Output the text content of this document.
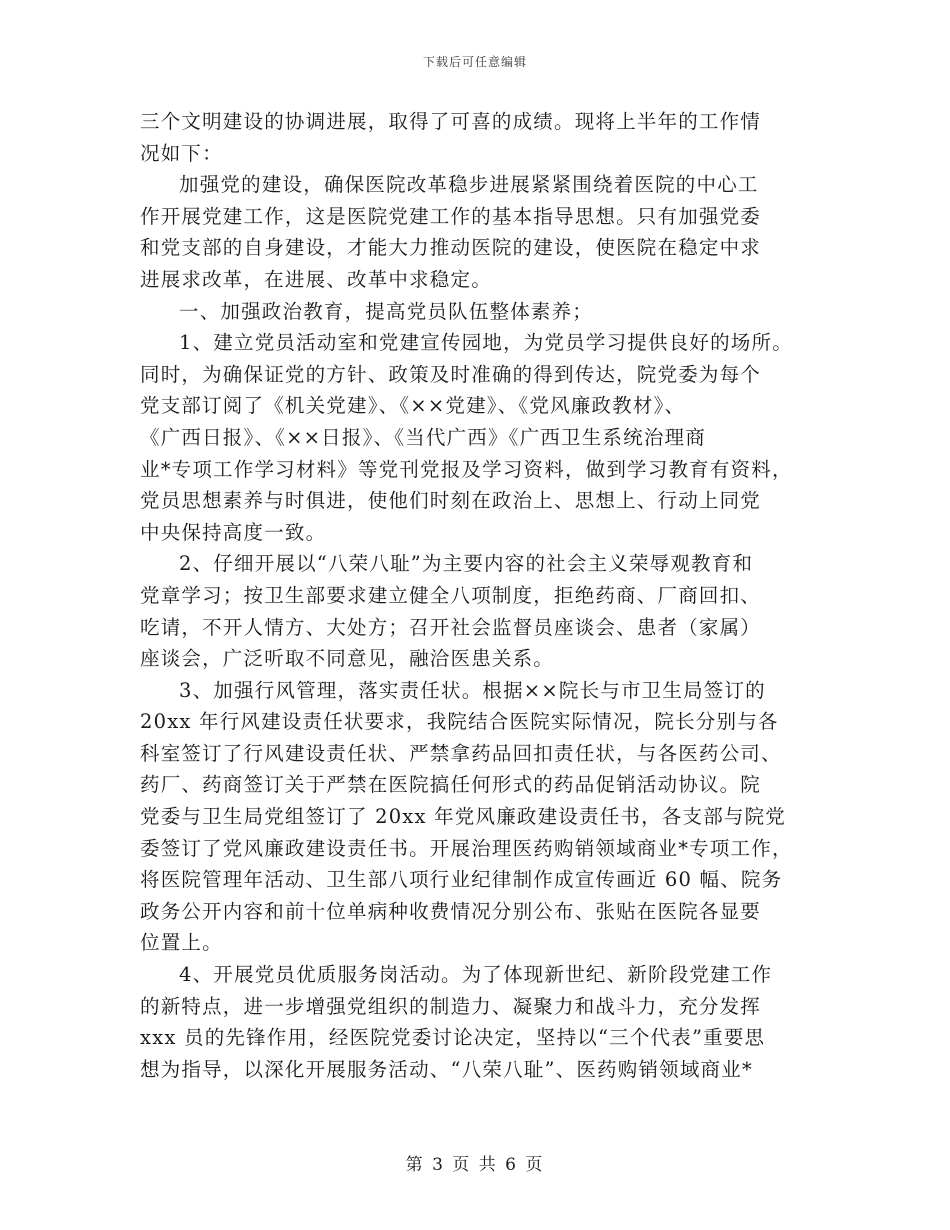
下载后可任意编辑
三个文明建设的协调进展，取得了可喜的成绩。现将上半年的工作情
况如下：
加强党的建设，确保医院改革稳步进展紧紧围绕着医院的中心工
作开展党建工作，这是医院党建工作的基本指导思想。只有加强党委
和党支部的自身建设，才能大力推动医院的建设，使医院在稳定中求
进展求改革，在进展、改革中求稳定。
一、加强政治教育，提高党员队伍整体素养；
1、建立党员活动室和党建宣传园地，为党员学习提供良好的场所。
同时，为确保证党的方针、政策及时准确的得到传达，院党委为每个
党支部订阅了《机关党建》、《××党建》、《党风廉政教材》、
《广西日报》、《××日报》、《当代广西》《广西卫生系统治理商
业*专项工作学习材料》等党刊党报及学习资料，做到学习教育有资料，
党员思想素养与时俱进，使他们时刻在政治上、思想上、行动上同党
中央保持高度一致。
2、仔细开展以“八荣八耻”为主要内容的社会主义荣辱观教育和
党章学习；按卫生部要求建立健全八项制度，拒绝药商、厂商回扣、
吃请，不开人情方、大处方；召开社会监督员座谈会、患者（家属）
座谈会，广泛听取不同意见，融洽医患关系。
3、加强行风管理，落实责任状。根据××院长与市卫生局签订的
20xx 年行风建设责任状要求，我院结合医院实际情况，院长分别与各
科室签订了行风建设责任状、严禁拿药品回扣责任状，与各医药公司、
药厂、药商签订关于严禁在医院搞任何形式的药品促销活动协议。院
党委与卫生局党组签订了 20xx 年党风廉政建设责任书，各支部与院党
委签订了党风廉政建设责任书。开展治理医药购销领域商业*专项工作，
将医院管理年活动、卫生部八项行业纪律制作成宣传画近 60 幅、院务
政务公开内容和前十位单病种收费情况分别公布、张贴在医院各显要
位置上。
4、开展党员优质服务岗活动。为了体现新世纪、新阶段党建工作
的新特点，进一步增强党组织的制造力、凝聚力和战斗力，充分发挥
xxx 员的先锋作用，经医院党委讨论决定，坚持以“三个代表”重要思
想为指导，以深化开展服务活动、“八荣八耻”、医药购销领域商业*
第 3 页 共 6 页
